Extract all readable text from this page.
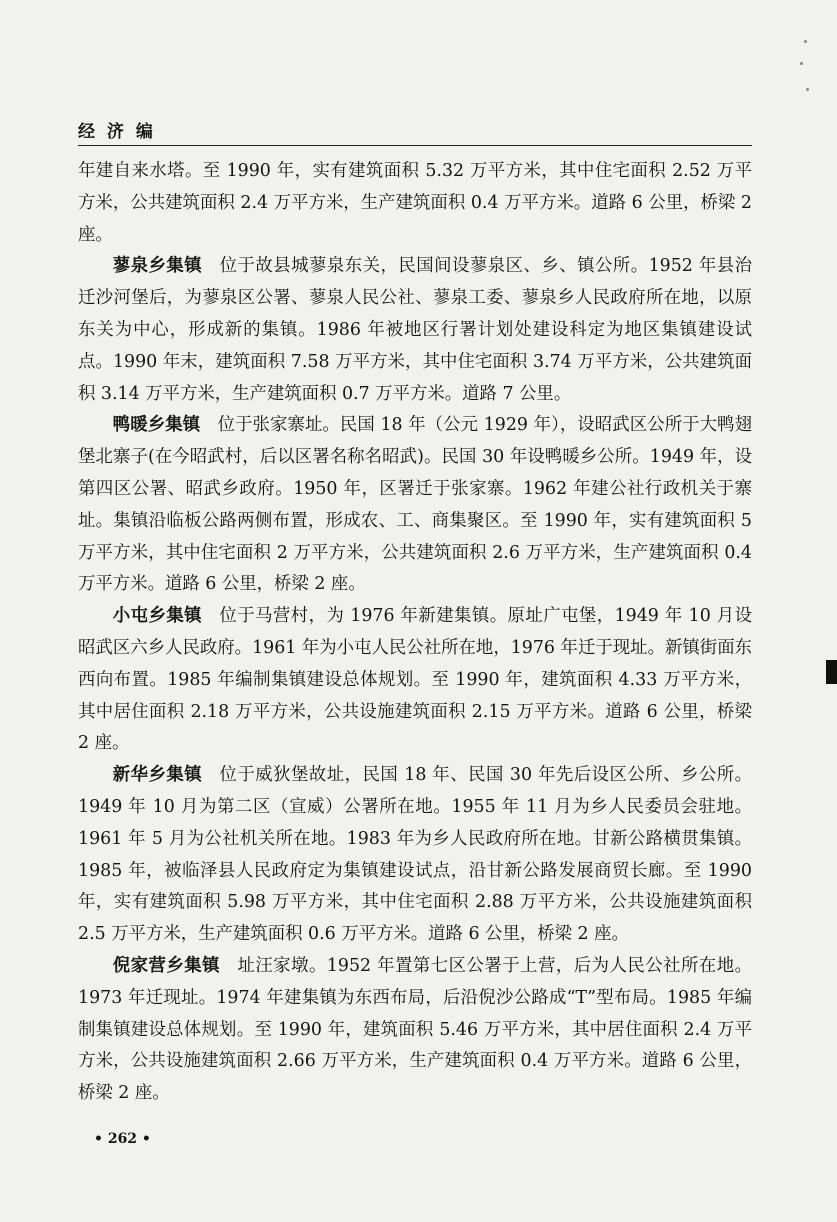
经 济 编

年建自来水塔。至 1990 年，实有建筑面积 5.32 万平方米，其中住宅面积 2.52 万平方米，公共建筑面积 2.4 万平方米，生产建筑面积 0.4 万平方米。道路 6 公里，桥梁 2 座。

蓼泉乡集镇 位于故县城蓼泉东关，民国间设蓼泉区、乡、镇公所。1952 年县治迁沙河堡后，为蓼泉区公署、蓼泉人民公社、蓼泉工委、蓼泉乡人民政府所在地，以原东关为中心，形成新的集镇。1986 年被地区行署计划处建设科定为地区集镇建设试点。1990 年末，建筑面积 7.58 万平方米，其中住宅面积 3.74 万平方米，公共建筑面积 3.14 万平方米，生产建筑面积 0.7 万平方米。道路 7 公里。

鸭暖乡集镇 位于张家寨址。民国 18 年（公元 1929 年），设昭武区公所于大鸭翅堡北寨子(在今昭武村，后以区署名称名昭武)。民国 30 年设鸭暖乡公所。1949 年，设第四区公署、昭武乡政府。1950 年，区署迁于张家寨。1962 年建公社行政机关于寨址。集镇沿临板公路两侧布置，形成农、工、商集聚区。至 1990 年，实有建筑面积 5 万平方米，其中住宅面积 2 万平方米，公共建筑面积 2.6 万平方米，生产建筑面积 0.4 万平方米。道路 6 公里，桥梁 2 座。

小屯乡集镇 位于马营村，为 1976 年新建集镇。原址广屯堡，1949 年 10 月设昭武区六乡人民政府。1961 年为小屯人民公社所在地，1976 年迁于现址。新镇街面东西向布置。1985 年编制集镇建设总体规划。至 1990 年，建筑面积 4.33 万平方米，其中居住面积 2.18 万平方米，公共设施建筑面积 2.15 万平方米。道路 6 公里，桥梁 2 座。

新华乡集镇 位于威狄堡故址，民国 18 年、民国 30 年先后设区公所、乡公所。1949 年 10 月为第二区（宣威）公署所在地。1955 年 11 月为乡人民委员会驻地。1961 年 5 月为公社机关所在地。1983 年为乡人民政府所在地。甘新公路横贯集镇。1985 年，被临泽县人民政府定为集镇建设试点，沿甘新公路发展商贸长廊。至 1990 年，实有建筑面积 5.98 万平方米，其中住宅面积 2.88 万平方米，公共设施建筑面积 2.5 万平方米，生产建筑面积 0.6 万平方米。道路 6 公里，桥梁 2 座。

倪家营乡集镇 址汪家墩。1952 年置第七区公署于上营，后为人民公社所在地。1973 年迁现址。1974 年建集镇为东西布局，后沿倪沙公路成“T”型布局。1985 年编制集镇建设总体规划。至 1990 年，建筑面积 5.46 万平方米，其中居住面积 2.4 万平方米，公共设施建筑面积 2.66 万平方米，生产建筑面积 0.4 万平方米。道路 6 公里，桥梁 2 座。

• 262 •
